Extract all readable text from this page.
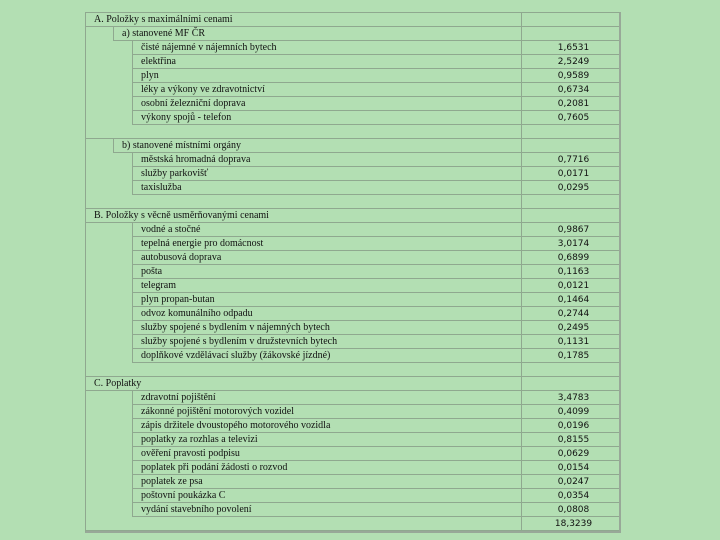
A. Položky s maximálními cenami
a) stanovené MF ČR
čisté nájemné v nájemních bytech	1,6531
elektřina	2,5249
plyn	0,9589
léky a výkony ve zdravotnictví	0,6734
osobní železniční doprava	0,2081
výkony spojů - telefon	0,7605
b) stanovené místními orgány
městská hromadná doprava	0,7716
služby parkovišť	0,0171
taxislužba	0,0295
B. Položky s věcně usměrňovanými cenami
vodné a stočné	0,9867
tepelná energie pro domácnost	3,0174
autobusová doprava	0,6899
pošta	0,1163
telegram	0,0121
plyn propan-butan	0,1464
odvoz komunálního odpadu	0,2744
služby spojené s bydlením v nájemných bytech	0,2495
služby spojené s bydlením v družstevních bytech	0,1131
doplňkové vzdělávací služby (žákovské jízdné)	0,1785
C. Poplatky
zdravotní pojištění	3,4783
zákonné pojištění motorových vozidel	0,4099
zápis držitele dvoustopého motorového vozidla	0,0196
poplatky za rozhlas a televizi	0,8155
ověření pravosti podpisu	0,0629
poplatek při podání žádosti o rozvod	0,0154
poplatek ze psa	0,0247
poštovní poukázka C	0,0354
vydání stavebního povolení	0,0808
18,3239
